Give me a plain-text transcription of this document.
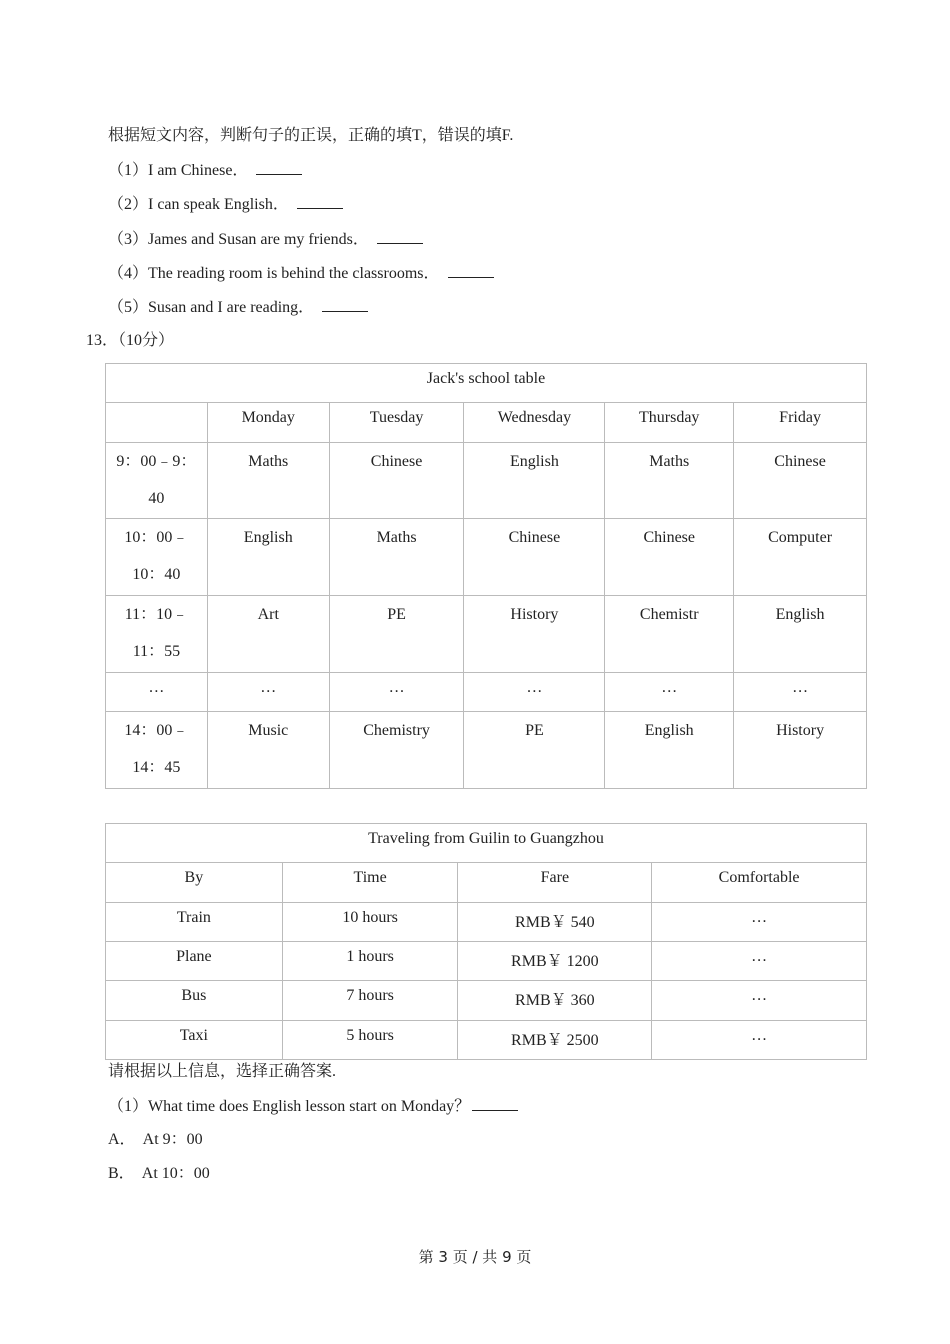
根据短文内容，判断句子的正误，正确的填T，错误的填F.
（1）I am Chinese．
（2）I can speak English．
（3）James and Susan are my friends．
（4）The reading room is behind the classrooms．
（5）Susan and I are reading．
13．（10分）
Jack's school table					
	Monday	Tuesday	Wednesday	Thursday	Friday

9：00﹣9：
40	Maths	Chinese	English	Maths	Chinese

10：00﹣
10：40	English	Maths	Chinese	Chinese	Computer

11：10﹣
11：55	Art	PE	History	Chemistr	English
…	…	…	…	…	…

14：00﹣
14：45	Music	Chemistry	PE	English	History
Traveling from Guilin to Guangzhou			
By	Time	Fare	Comfortable
Train	10 hours	RMB￥ 540	…
Plane	1 hours	RMB￥ 1200	…
Bus	7 hours	RMB￥ 360	…
Taxi	5 hours	RMB￥ 2500	…
请根据以上信息，选择正确答案.
（1）What time does English lesson start on Monday？
A．  At 9：00
B．  At 10：00
第 3 页 / 共 9 页
